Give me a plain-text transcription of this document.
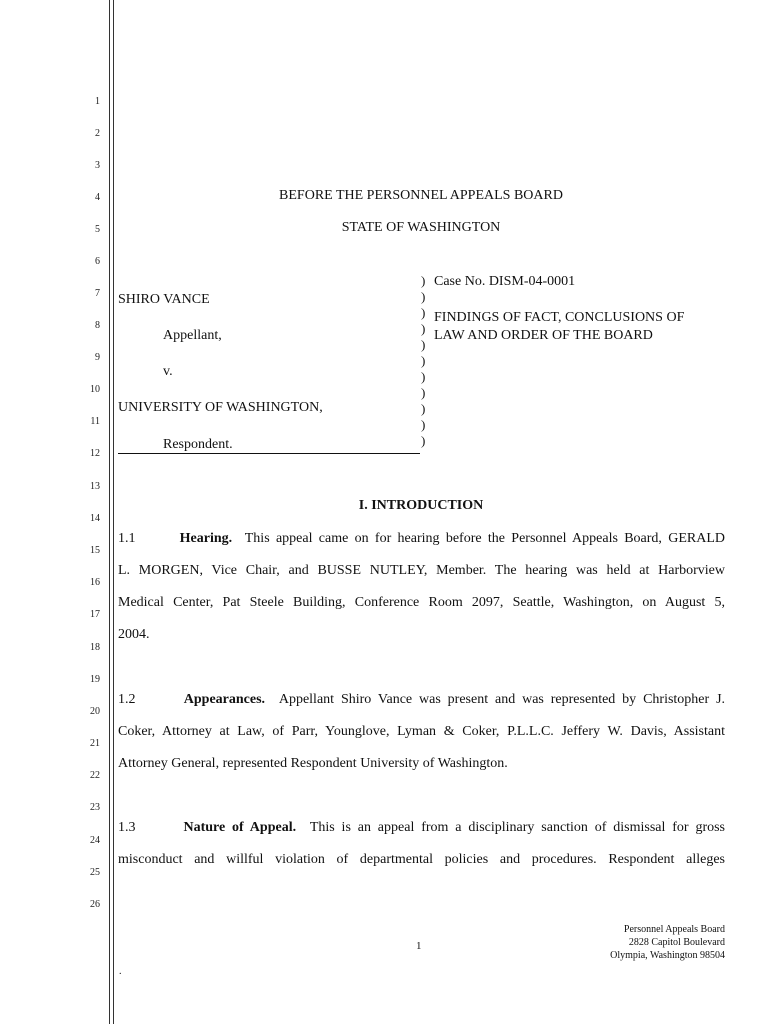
1
2
3
4
5
6
7
8
9
10
11
12
13
14
15
16
17
18
19
20
21
22
23
24
25
26
BEFORE THE PERSONNEL APPEALS BOARD
STATE OF WASHINGTON
SHIRO VANCE
Appellant,
v.
UNIVERSITY OF WASHINGTON,
Respondent.
)
)
)
)
)
)
)
)
)
)
)
Case No. DISM-04-0001
FINDINGS OF FACT, CONCLUSIONS OF
LAW AND ORDER OF THE BOARD
I. INTRODUCTION
1.1	Hearing. This appeal came on for hearing before the Personnel Appeals Board, GERALD
L. MORGEN, Vice Chair, and BUSSE NUTLEY, Member. The hearing was held at Harborview
Medical Center, Pat Steele Building, Conference Room 2097, Seattle, Washington, on August 5,
2004.
1.2	Appearances. Appellant Shiro Vance was present and was represented by Christopher J.
Coker, Attorney at Law, of Parr, Younglove, Lyman & Coker, P.L.L.C. Jeffery W. Davis, Assistant
Attorney General, represented Respondent University of Washington.
1.3	Nature of Appeal. This is an appeal from a disciplinary sanction of dismissal for gross
misconduct and willful violation of departmental policies and procedures. Respondent alleges
1
Personnel Appeals Board
2828 Capitol Boulevard
Olympia, Washington 98504
.
